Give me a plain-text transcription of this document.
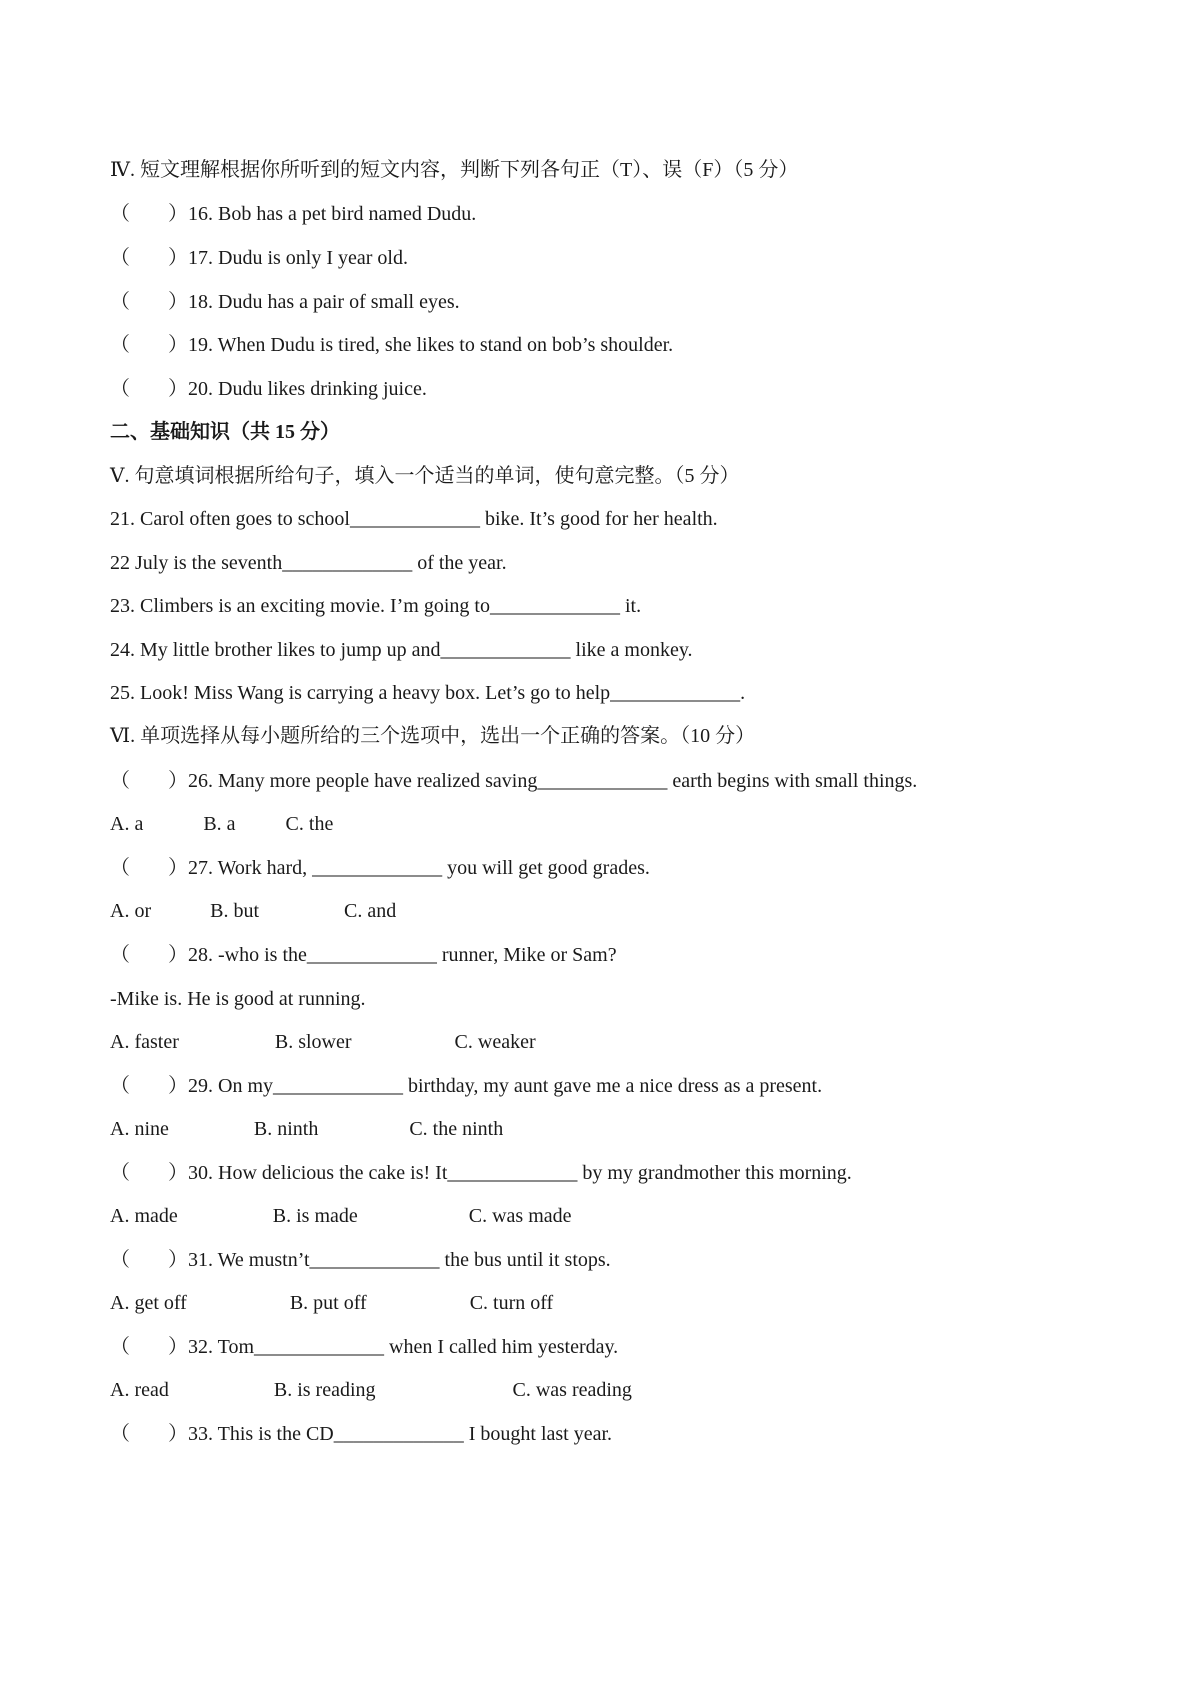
Ⅳ. 短文理解根据你所听到的短文内容，判断下列各句正（T）、误（F）（5 分）
（ ）16. Bob has a pet bird named Dudu.
（ ）17. Dudu is only I year old.
（ ）18. Dudu has a pair of small eyes.
（ ）19. When Dudu is tired, she likes to stand on bob’s shoulder.
（ ）20. Dudu likes drinking juice.
二、基础知识（共 15 分）
Ⅴ. 句意填词根据所给句子，填入一个适当的单词，使句意完整。（5 分）
21. Carol often goes to school_____________ bike. It’s good for her health.
22 July is the seventh_____________ of the year.
23. Climbers is an exciting movie. I’m going to_____________ it.
24. My little brother likes to jump up and_____________ like a monkey.
25. Look! Miss Wang is carrying a heavy box. Let’s go to help_____________.
Ⅵ. 单项选择从每小题所给的三个选项中，选出一个正确的答案。（10 分）
（ ）26. Many more people have realized saving_____________ earth begins with small things.
A. a	B. a	C. the
（ ）27. Work hard, _____________ you will get good grades.
A. or	B. but	C. and
（ ）28. -who is the_____________ runner, Mike or Sam?
-Mike is. He is good at running.
A. faster	B. slower	C. weaker
（ ）29. On my_____________ birthday, my aunt gave me a nice dress as a present.
A. nine	B. ninth	C. the ninth
（ ）30. How delicious the cake is! It_____________ by my grandmother this morning.
A. made	B. is made	C. was made
（ ）31. We mustn’t_____________ the bus until it stops.
A. get off	B. put off	C. turn off
（ ）32. Tom_____________ when I called him yesterday.
A. read	B. is reading	C. was reading
（ ）33. This is the CD_____________ I bought last year.
